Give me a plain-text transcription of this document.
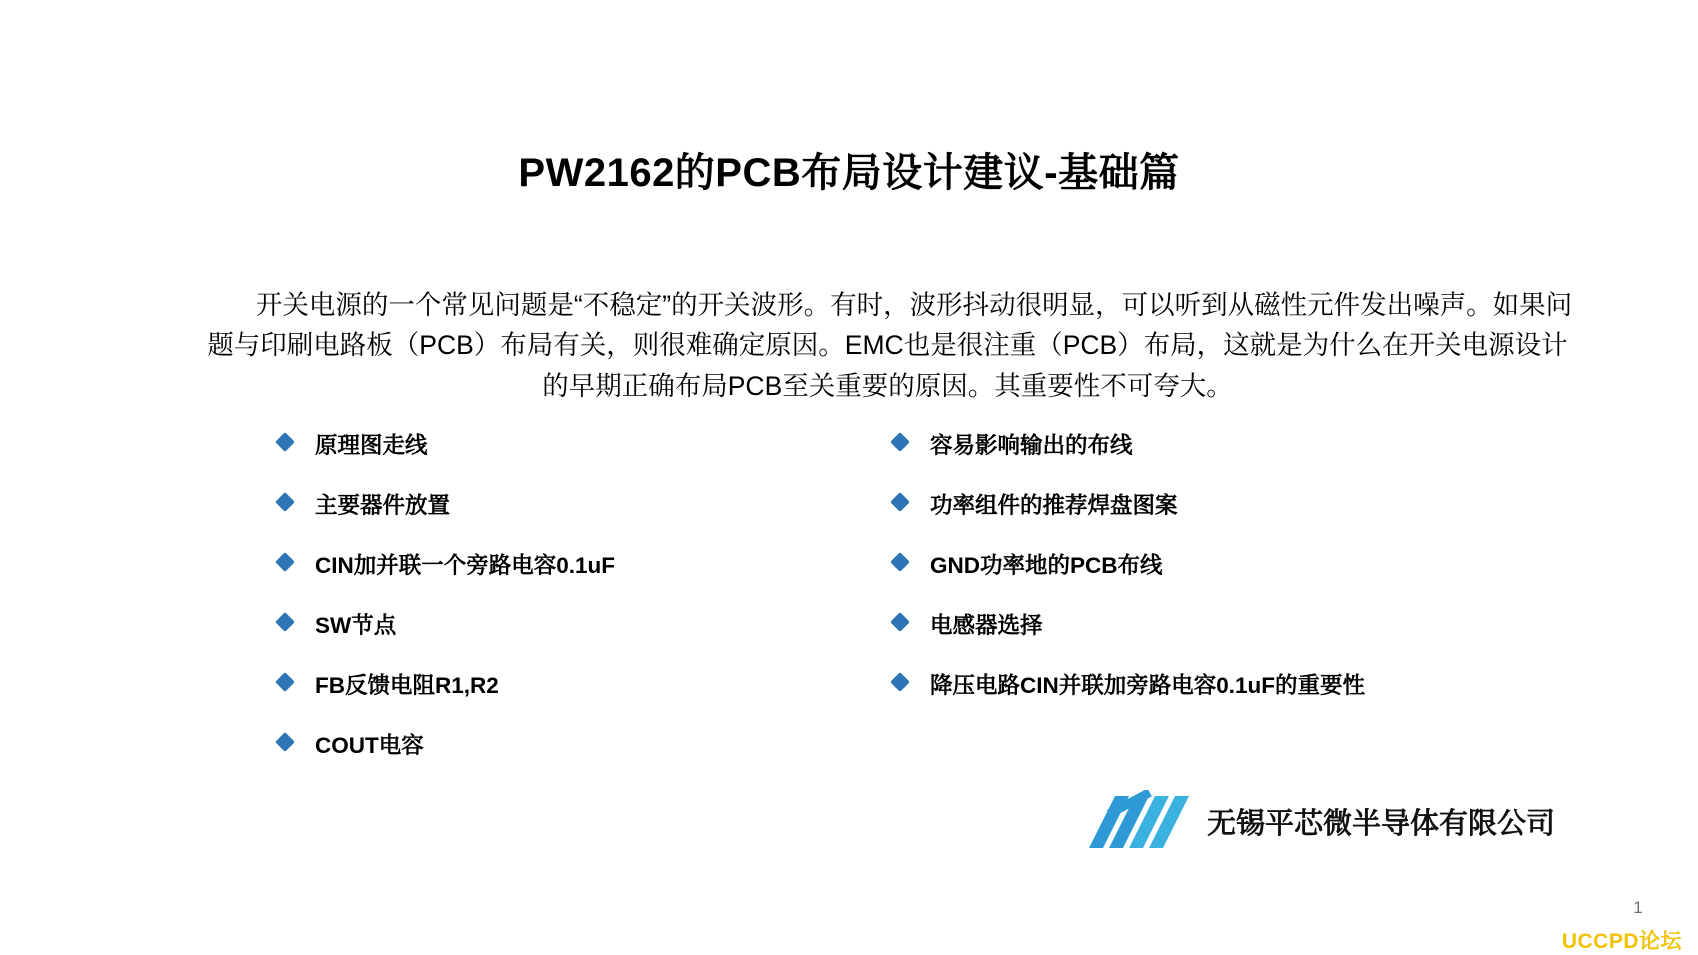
PW2162的PCB布局设计建议-基础篇
开关电源的一个常见问题是“不稳定”的开关波形。有时，波形抖动很明显，可以听到从磁性元件发出噪声。如果问题与印刷电路板（PCB）布局有关，则很难确定原因。EMC也是很注重（PCB）布局，这就是为什么在开关电源设计的早期正确布局PCB至关重要的原因。其重要性不可夸大。
原理图走线
主要器件放置
CIN加并联一个旁路电容0.1uF
SW节点
FB反馈电阻R1,R2
COUT电容
容易影响输出的布线
功率组件的推荐焊盘图案
GND功率地的PCB布线
电感器选择
降压电路CIN并联加旁路电容0.1uF的重要性
无锡平芯微半导体有限公司
1
UCCPD论坛
